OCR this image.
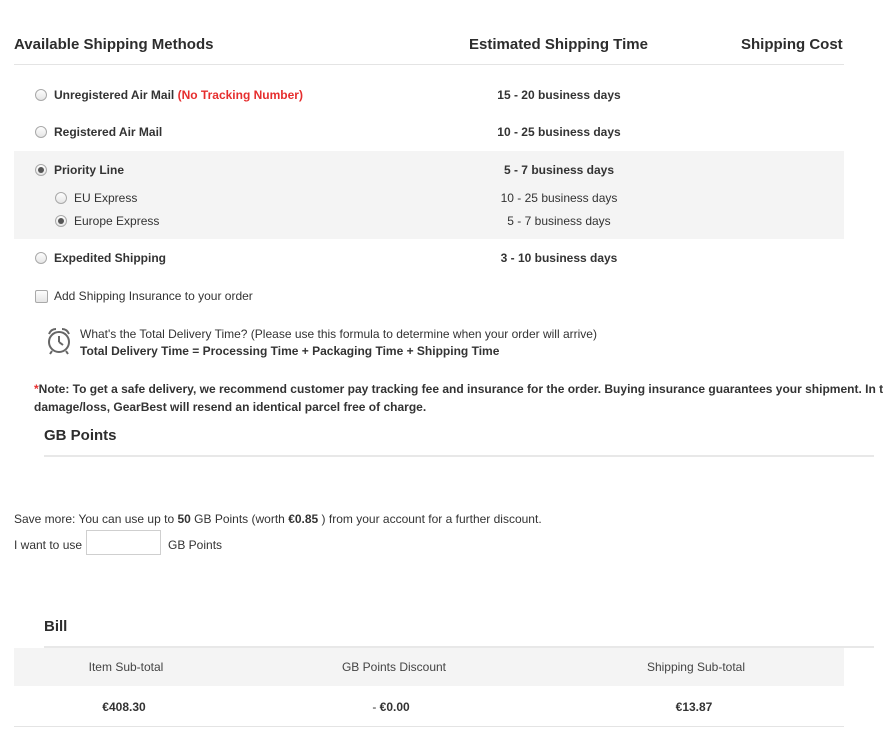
Available Shipping Methods	Estimated Shipping Time	Shipping Cost
Unregistered Air Mail (No Tracking Number)	15 - 20 business days
Registered Air Mail	10 - 25 business days
Priority Line	5 - 7 business days
EU Express	10 - 25 business days
Europe Express	5 - 7 business days
Expedited Shipping	3 - 10 business days
Add Shipping Insurance to your order
What's the Total Delivery Time? (Please use this formula to determine when your order will arrive)
Total Delivery Time = Processing Time + Packaging Time + Shipping Time
*Note: To get a safe delivery, we recommend customer pay tracking fee and insurance for the order. Buying insurance guarantees your shipment. In t
damage/loss, GearBest will resend an identical parcel free of charge.
GB Points
Save more: You can use up to 50 GB Points (worth €0.85 ) from your account for a further discount.
I want to use	GB Points
Bill
Item Sub-total	GB Points Discount	Shipping Sub-total
€408.30	- €0.00	€13.87
